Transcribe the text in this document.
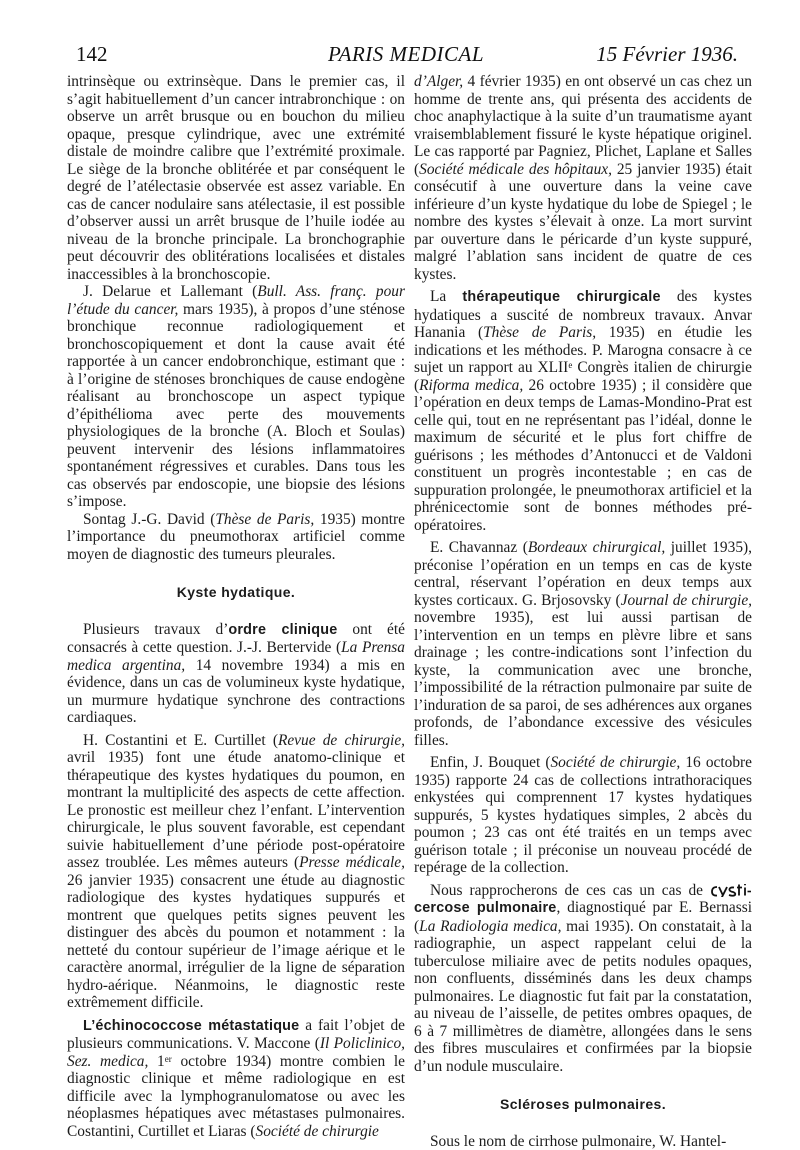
142	PARIS MEDICAL	15 Février 1936.

intrinsèque ou extrinsèque. Dans le premier cas, il s’agit habituellement d’un cancer intrabronchique : on observe un arrêt brusque ou en bouchon du milieu opaque, presque cylindrique, avec une extrémité distale de moindre calibre que l’extrémité proximale. Le siège de la bronche oblitérée et par conséquent le degré de l’atélectasie observée est assez variable. En cas de cancer nodulaire sans atélectasie, il est possible d’observer aussi un arrêt brusque de l’huile iodée au niveau de la bronche principale. La bronchographie peut découvrir des oblitérations localisées et distales inaccessibles à la bronchoscopie.

J. Delarue et Lallemant (Bull. Ass. franç. pour l’étude du cancer, mars 1935), à propos d’une sténose bronchique reconnue radiologiquement et bronchoscopiquement et dont la cause avait été rapportée à un cancer endobronchique, estimant que : à l’origine de sténoses bronchiques de cause endogène réalisant au bronchoscope un aspect typique d’épithélioma avec perte des mouvements physiologiques de la bronche (A. Bloch et Soulas) peuvent intervenir des lésions inflammatoires spontanément régressives et curables. Dans tous les cas observés par endoscopie, une biopsie des lésions s’impose.

Sontag J.-G. David (Thèse de Paris, 1935) montre l’importance du pneumothorax artificiel comme moyen de diagnostic des tumeurs pleurales.

Kyste hydatique.

Plusieurs travaux d’ordre clinique ont été consacrés à cette question. J.-J. Bertervide (La Prensa medica argentina, 14 novembre 1934) a mis en évidence, dans un cas de volumineux kyste hydatique, un murmure hydatique synchrone des contractions cardiaques.

H. Costantini et E. Curtillet (Revue de chirurgie, avril 1935) font une étude anatomo-clinique et thérapeutique des kystes hydatiques du poumon, en montrant la multiplicité des aspects de cette affection. Le pronostic est meilleur chez l’enfant. L’intervention chirurgicale, le plus souvent favorable, est cependant suivie habituellement d’une période post-opératoire assez troublée. Les mêmes auteurs (Presse médicale, 26 janvier 1935) consacrent une étude au diagnostic radiologique des kystes hydatiques suppurés et montrent que quelques petits signes peuvent les distinguer des abcès du poumon et notamment : la netteté du contour supérieur de l’image aérique et le caractère anormal, irrégulier de la ligne de séparation hydro-aérique. Néanmoins, le diagnostic reste extrêmement difficile.

L’échinococcose métastatique a fait l’objet de plusieurs communications. V. Maccone (Il Policlinico, Sez. medica, 1er octobre 1934) montre combien le diagnostic clinique et même radiologique en est difficile avec la lymphogranulomatose ou avec les néoplasmes hépatiques avec métastases pulmonaires. Costantini, Curtillet et Liaras (Société de chirurgie

d’Alger, 4 février 1935) en ont observé un cas chez un homme de trente ans, qui présenta des accidents de choc anaphylactique à la suite d’un traumatisme ayant vraisemblablement fissuré le kyste hépatique originel. Le cas rapporté par Pagniez, Plichet, Laplane et Salles (Société médicale des hôpitaux, 25 janvier 1935) était consécutif à une ouverture dans la veine cave inférieure d’un kyste hydatique du lobe de Spiegel ; le nombre des kystes s’élevait à onze. La mort survint par ouverture dans le péricarde d’un kyste suppuré, malgré l’ablation sans incident de quatre de ces kystes.

La thérapeutique chirurgicale des kystes hydatiques a suscité de nombreux travaux. Anvar Hanania (Thèse de Paris, 1935) en étudie les indications et les méthodes. P. Marogna consacre à ce sujet un rapport au XLIIe Congrès italien de chirurgie (Riforma medica, 26 octobre 1935) ; il considère que l’opération en deux temps de Lamas-Mondino-Prat est celle qui, tout en ne représentant pas l’idéal, donne le maximum de sécurité et le plus fort chiffre de guérisons ; les méthodes d’Antonucci et de Valdoni constituent un progrès incontestable ; en cas de suppuration prolongée, le pneumothorax artificiel et la phrénicectomie sont de bonnes méthodes pré-opératoires.

E. Chavannaz (Bordeaux chirurgical, juillet 1935), préconise l’opération en un temps en cas de kyste central, réservant l’opération en deux temps aux kystes corticaux. G. Brjosovsky (Journal de chirurgie, novembre 1935), est lui aussi partisan de l’intervention en un temps en plèvre libre et sans drainage ; les contre-indications sont l’infection du kyste, la communication avec une bronche, l’impossibilité de la rétraction pulmonaire par suite de l’induration de sa paroi, de ses adhérences aux organes profonds, de l’abondance excessive des vésicules filles.

Enfin, J. Bouquet (Société de chirurgie, 16 octobre 1935) rapporte 24 cas de collections intrathoraciques enkystées qui comprennent 17 kystes hydatiques suppurés, 5 kystes hydatiques simples, 2 abcès du poumon ; 23 cas ont été traités en un temps avec guérison totale ; il préconise un nouveau procédé de repérage de la collection.

Nous rapprocherons de ces cas un cas de cercose pulmonaire, diagnostiqué par E. Bernassi (La Radiologia medica, mai 1935). On constatait, à la radiographie, un aspect rappelant celui de la tuberculose miliaire avec de petits nodules opaques, non confluents, disséminés dans les deux champs pulmonaires. Le diagnostic fut fait par la constatation, au niveau de l’aisselle, de petites ombres opaques, de 6 à 7 millimètres de diamètre, allongées dans le sens des fibres musculaires et confirmées par la biopsie d’un nodule musculaire.

Scléroses pulmonaires.

Sous le nom de cirrhose pulmonaire, W. Hantel-
